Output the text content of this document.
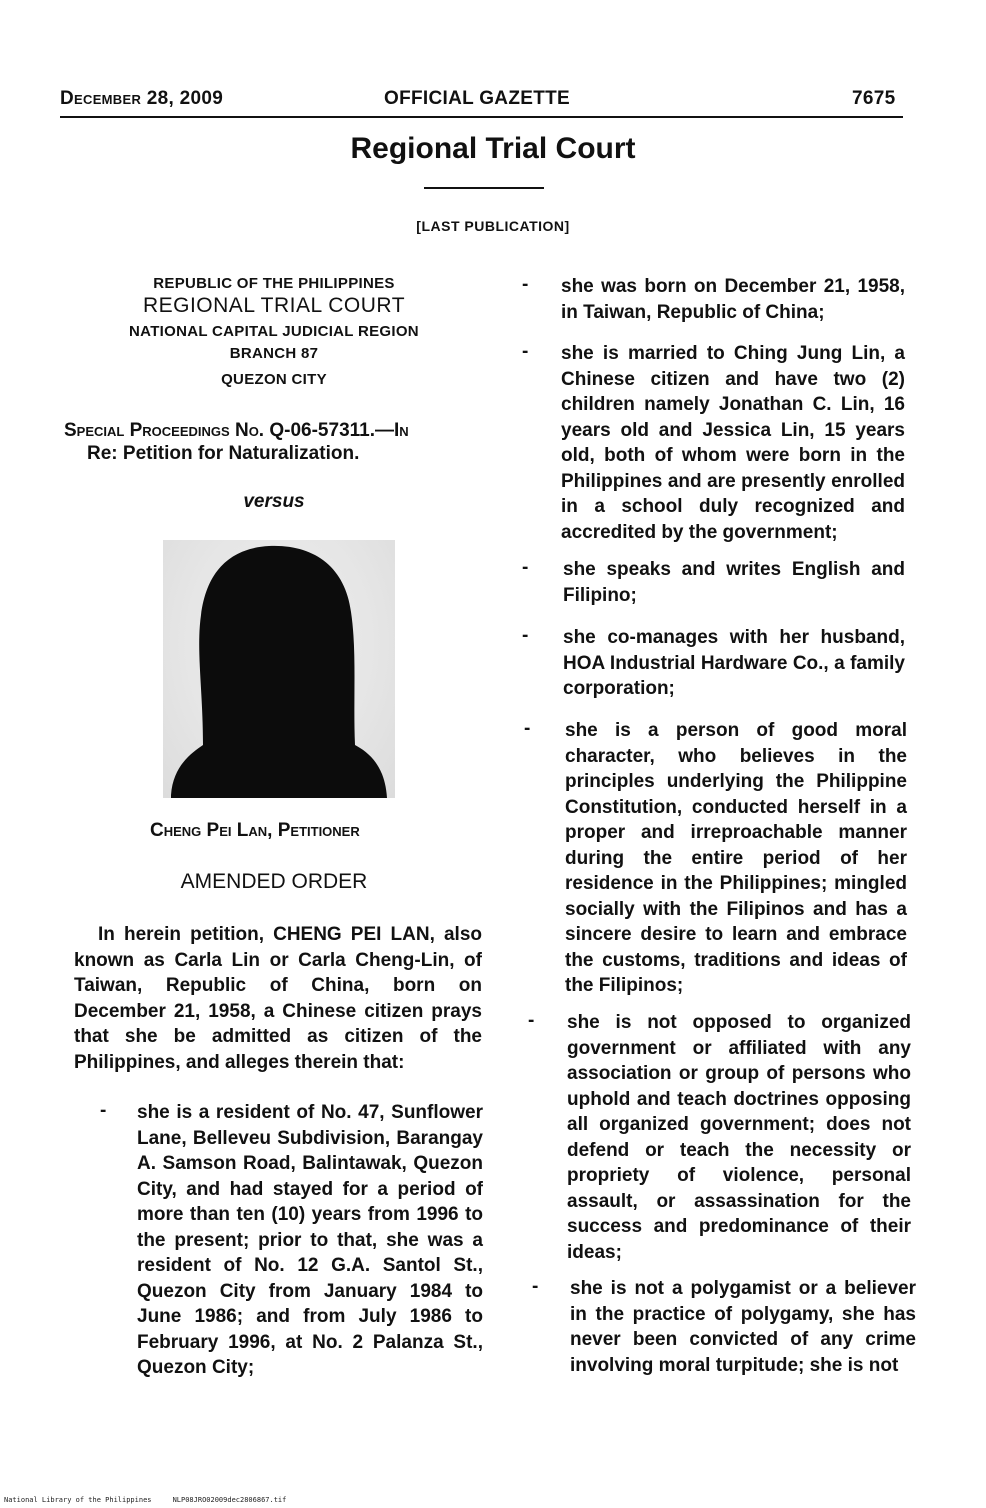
December 28, 2009	OFFICIAL GAZETTE	7675
Regional Trial Court
[LAST PUBLICATION]
REPUBLIC OF THE PHILIPPINES
REGIONAL TRIAL COURT
NATIONAL CAPITAL JUDICIAL REGION
BRANCH 87
QUEZON CITY
Special Proceedings No. Q-06-57311.—In
Re: Petition for Naturalization.
versus
Cheng Pei Lan, Petitioner
AMENDED ORDER
In herein petition, CHENG PEI LAN, also known as Carla Lin or Carla Cheng-Lin, of Taiwan, Republic of China, born on December 21, 1958, a Chinese citizen prays that she be admitted as citizen of the Philippines, and alleges therein that:
- she is a resident of No. 47, Sunflower Lane, Belleveu Subdivision, Barangay A. Samson Road, Balintawak, Quezon City, and had stayed for a period of more than ten (10) years from 1996 to the present; prior to that, she was a resident of No. 12 G.A. Santol St., Quezon City from January 1984 to June 1986; and from July 1986 to February 1996, at No. 2 Palanza St., Quezon City;
- she was born on December 21, 1958, in Taiwan, Republic of China;
- she is married to Ching Jung Lin, a Chinese citizen and have two (2) children namely Jonathan C. Lin, 16 years old and Jessica Lin, 15 years old, both of whom were born in the Philippines and are presently enrolled in a school duly recognized and accredited by the government;
- she speaks and writes English and Filipino;
- she co-manages with her husband, HOA Industrial Hardware Co., a family corporation;
- she is a person of good moral character, who believes in the principles underlying the Philippine Constitution, conducted herself in a proper and irreproachable manner during the entire period of her residence in the Philippines; mingled socially with the Filipinos and has a sincere desire to learn and embrace the customs, traditions and ideas of the Filipinos;
- she is not opposed to organized government or affiliated with any association or group of persons who uphold and teach doctrines opposing all organized government; does not defend or teach the necessity or propriety of violence, personal assault, or assassination for the success and predominance of their ideas;
- she is not a polygamist or a believer in the practice of polygamy, she has never been convicted of any crime involving moral turpitude; she is not
National Library of the Philippines     NLP08JRO02009dec2806867.tif
